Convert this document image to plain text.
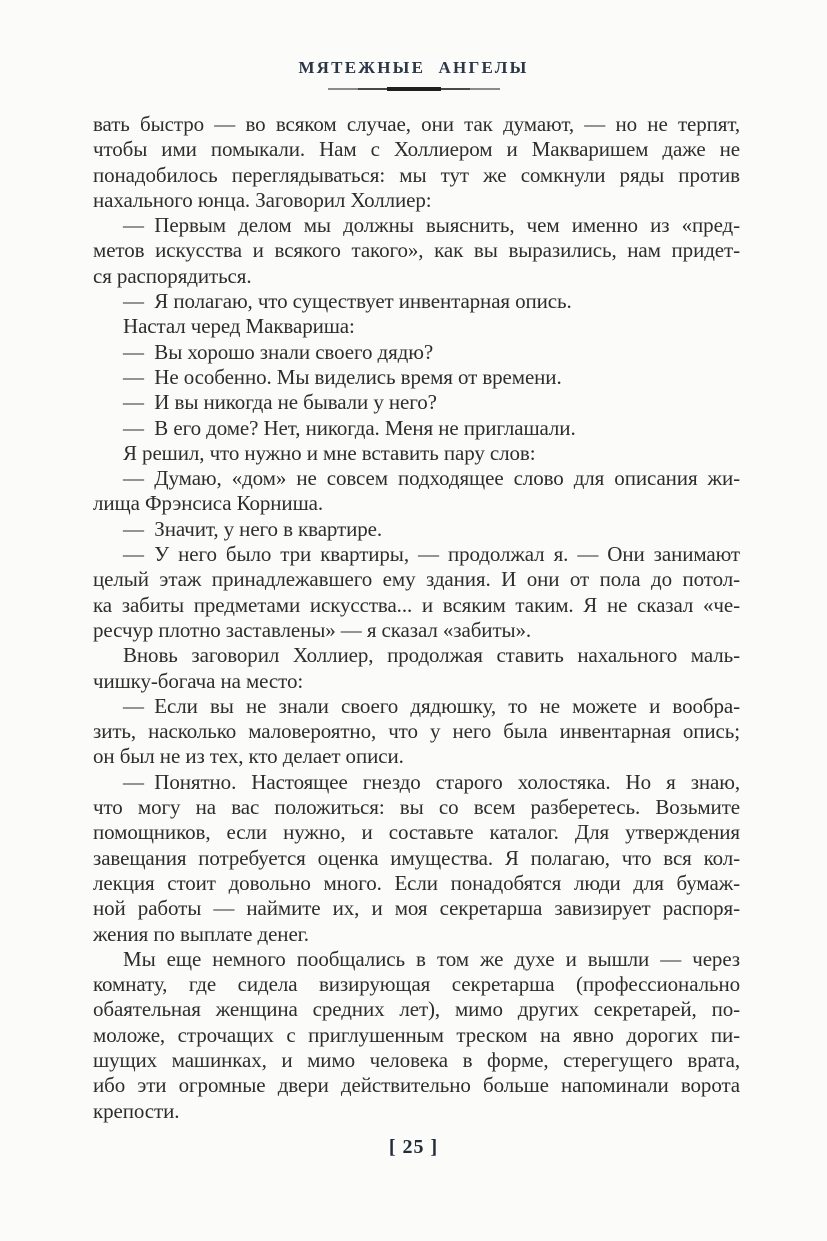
МЯТЕЖНЫЕ АНГЕЛЫ
вать быстро — во всяком случае, они так думают, — но не терпят,
чтобы ими помыкали. Нам с Холлиером и Макваришем даже не
понадобилось переглядываться: мы тут же сомкнули ряды против
нахального юнца. Заговорил Холлиер:
— Первым делом мы должны выяснить, чем именно из «пред-
метов искусства и всякого такого», как вы выразились, нам придет-
ся распорядиться.
— Я полагаю, что существует инвентарная опись.
Настал черед Маквариша:
— Вы хорошо знали своего дядю?
— Не особенно. Мы виделись время от времени.
— И вы никогда не бывали у него?
— В его доме? Нет, никогда. Меня не приглашали.
Я решил, что нужно и мне вставить пару слов:
— Думаю, «дом» не совсем подходящее слово для описания жи-
лища Фрэнсиса Корниша.
— Значит, у него в квартире.
— У него было три квартиры, — продолжал я. — Они занимают
целый этаж принадлежавшего ему здания. И они от пола до потол-
ка забиты предметами искусства... и всяким таким. Я не сказал «че-
ресчур плотно заставлены» — я сказал «забиты».
Вновь заговорил Холлиер, продолжая ставить нахального маль-
чишку-богача на место:
— Если вы не знали своего дядюшку, то не можете и вообра-
зить, насколько маловероятно, что у него была инвентарная опись;
он был не из тех, кто делает описи.
— Понятно. Настоящее гнездо старого холостяка. Но я знаю,
что могу на вас положиться: вы со всем разберетесь. Возьмите
помощников, если нужно, и составьте каталог. Для утверждения
завещания потребуется оценка имущества. Я полагаю, что вся кол-
лекция стоит довольно много. Если понадобятся люди для бумаж-
ной работы — наймите их, и моя секретарша завизирует распоря-
жения по выплате денег.
Мы еще немного пообщались в том же духе и вышли — через
комнату, где сидела визирующая секретарша (профессионально
обаятельная женщина средних лет), мимо других секретарей, по-
моложе, строчащих с приглушенным треском на явно дорогих пи-
шущих машинках, и мимо человека в форме, стерегущего врата,
ибо эти огромные двери действительно больше напоминали ворота
крепости.
[ 25 ]
